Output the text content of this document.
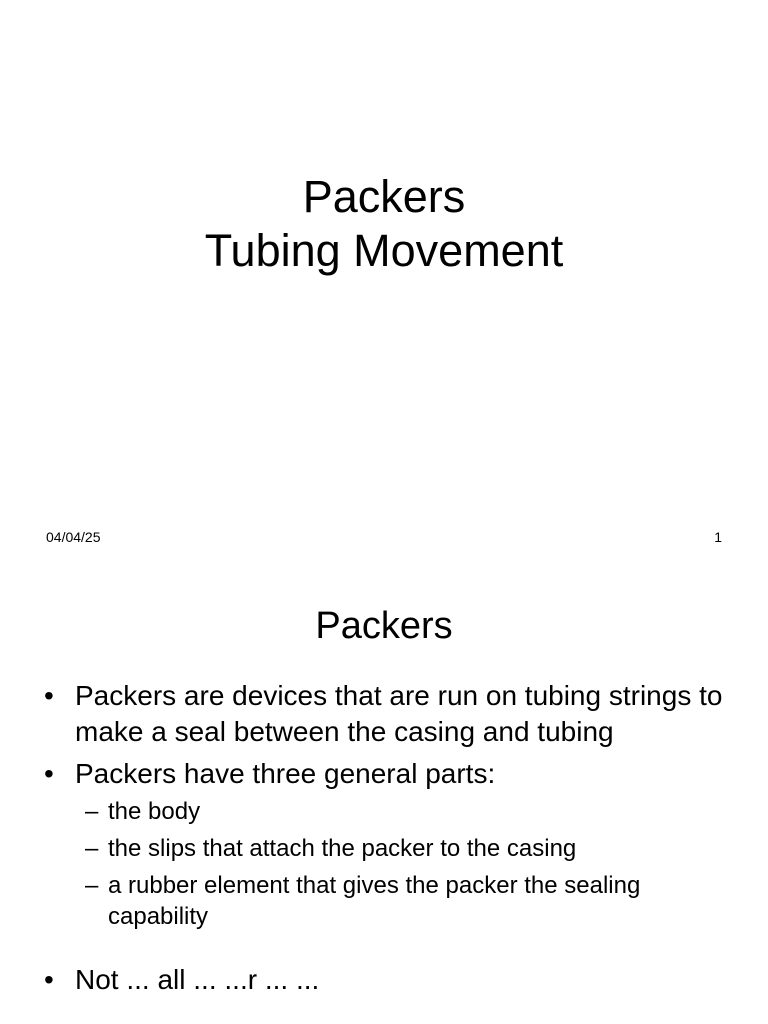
Packers
Tubing Movement
04/04/25	1
Packers
• Packers are devices that are run on tubing strings to make a seal between the casing and tubing
• Packers have three general parts:
– the body
– the slips that attach the packer to the casing
– a rubber element that gives the packer the sealing capability
• Not ... all ... ...r ... ...
